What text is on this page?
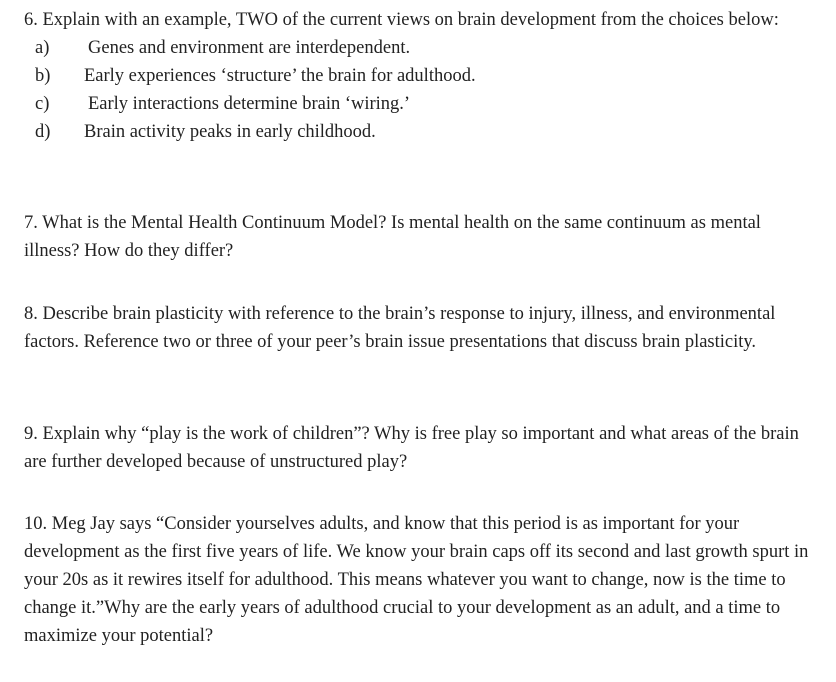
6. Explain with an example, TWO of the current views on brain development from the choices below:

a) Genes and environment are interdependent.
b) Early experiences ‘structure’ the brain for adulthood.
c) Early interactions determine brain ‘wiring.’
d) Brain activity peaks in early childhood.

7. What is the Mental Health Continuum Model? Is mental health on the same continuum as mental illness? How do they differ?

8. Describe brain plasticity with reference to the brain’s response to injury, illness, and environmental factors. Reference two or three of your peer’s brain issue presentations that discuss brain plasticity.

9. Explain why “play is the work of children”? Why is free play so important and what areas of the brain are further developed because of unstructured play?

10. Meg Jay says “Consider yourselves adults, and know that this period is as important for your development as the first five years of life. We know your brain caps off its second and last growth spurt in your 20s as it rewires itself for adulthood. This means whatever you want to change, now is the time to change it.”Why are the early years of adulthood crucial to your development as an adult, and a time to maximize your potential?
